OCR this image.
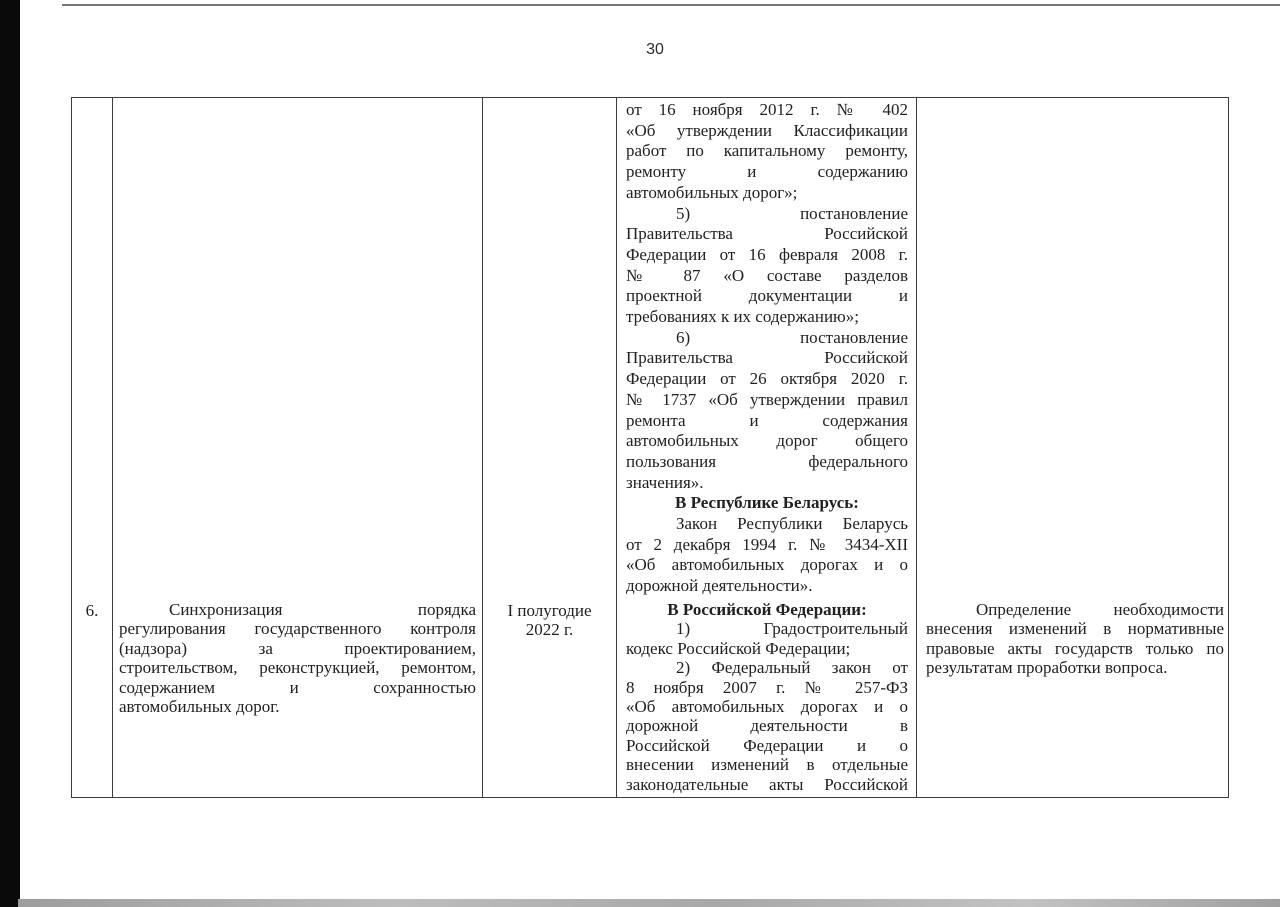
30
от 16 ноября 2012 г. № 402
«Об утверждении Классификации
работ по капитальному ремонту,
ремонту и содержанию
автомобильных дорог»;
5) постановление
Правительства Российской
Федерации от 16 февраля 2008 г.
№ 87 «О составе разделов
проектной документации и
требованиях к их содержанию»;
6) постановление
Правительства Российской
Федерации от 26 октября 2020 г.
№ 1737 «Об утверждении правил
ремонта и содержания
автомобильных дорог общего
пользования федерального
значения».
В Республике Беларусь:
Закон Республики Беларусь
от 2 декабря 1994 г. № 3434-XII
«Об автомобильных дорогах и о
дорожной деятельности».
6.	Синхронизация порядка
регулирования государственного контроля
(надзора) за проектированием,
строительством, реконструкцией, ремонтом,
содержанием и сохранностью
автомобильных дорог.
I полугодие
2022 г.
В Российской Федерации:
1) Градостроительный
кодекс Российской Федерации;
2) Федеральный закон от
8 ноября 2007 г. № 257-ФЗ
«Об автомобильных дорогах и о
дорожной деятельности в
Российской Федерации и о
внесении изменений в отдельные
законодательные акты Российской
Определение необходимости
внесения изменений в нормативные
правовые акты государств только по
результатам проработки вопроса.
